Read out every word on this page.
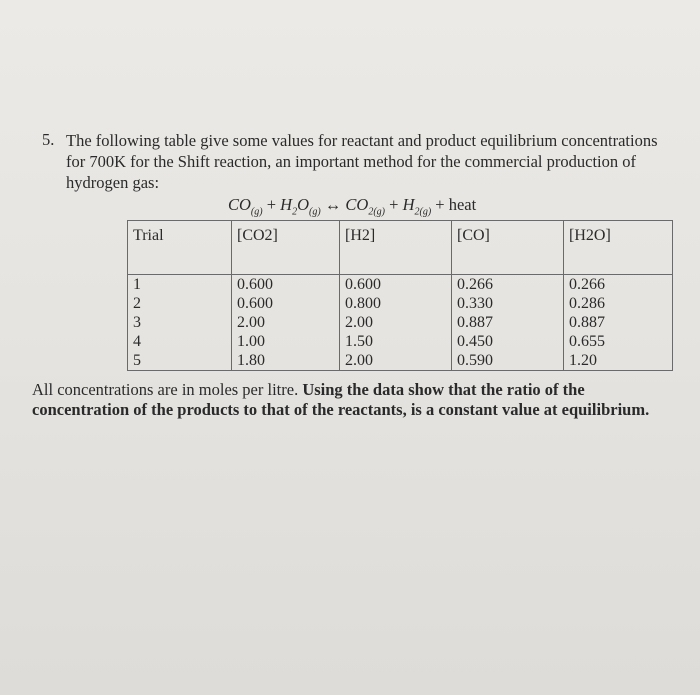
5. The following table give some values for reactant and product equilibrium concentrations for 700K for the Shift reaction, an important method for the commercial production of hydrogen gas:
$CO_{(g)} + H_2O_{(g)}$ ↔ $CO_{2(g)} + H_{2(g)}$ + heat
Trial	[CO2]	[H2]	[CO]	[H2O]
1	0.600	0.600	0.266	0.266
2	0.600	0.800	0.330	0.286
3	2.00	2.00	0.887	0.887
4	1.00	1.50	0.450	0.655
5	1.80	2.00	0.590	1.20
All concentrations are in moles per litre. Using the data show that the ratio of the concentration of the products to that of the reactants, is a constant value at equilibrium.
